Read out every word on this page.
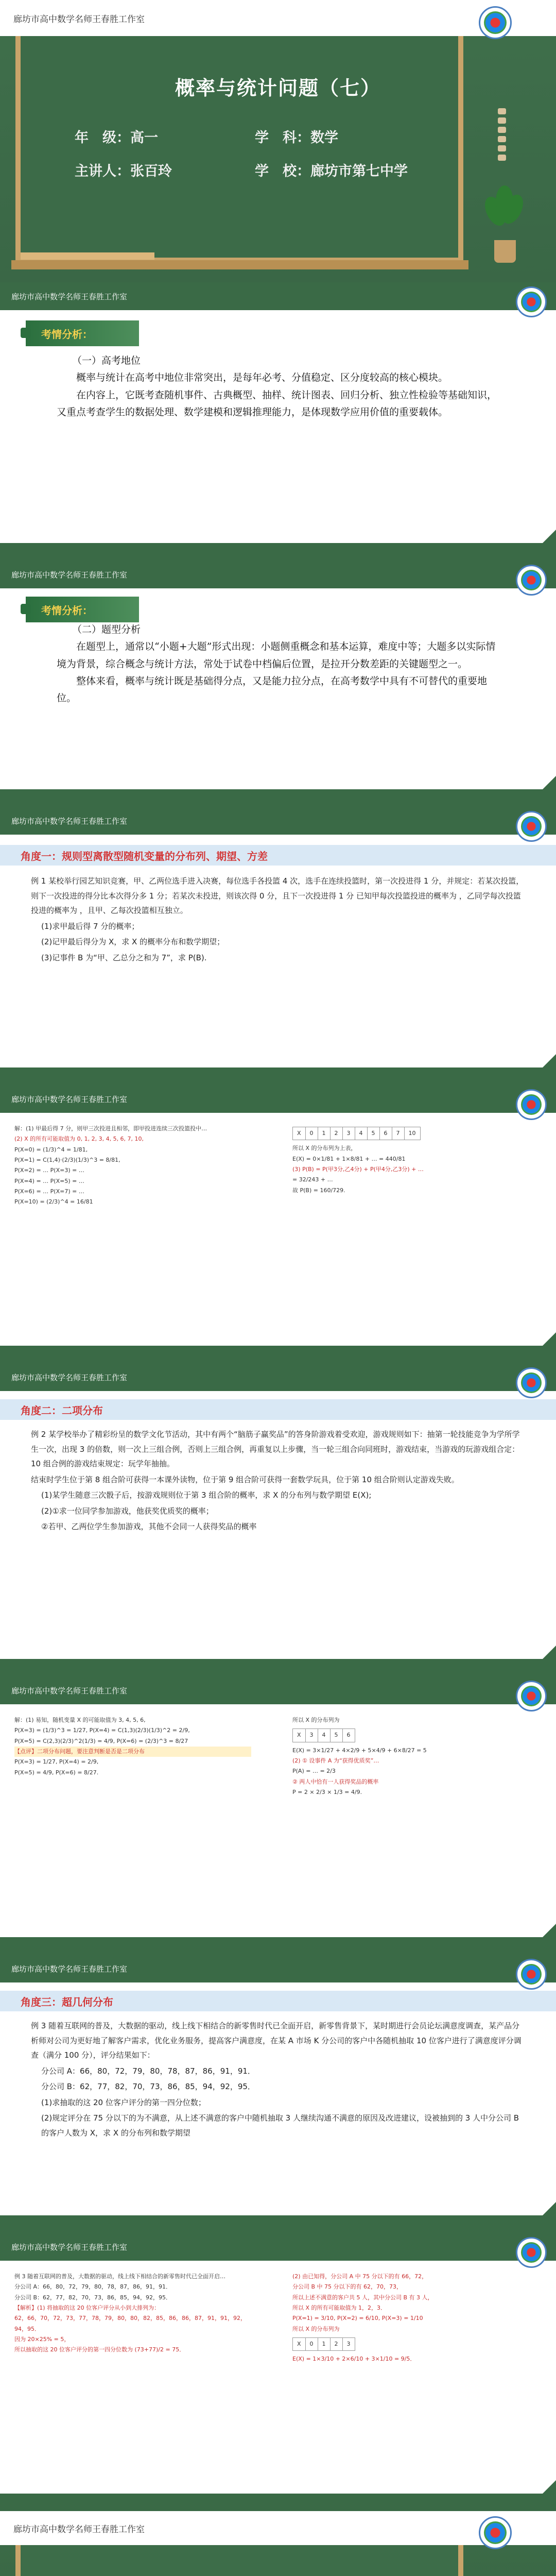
廊坊市高中数学名师王春胜工作室
概率与统计问题（七）
年　级：高一	学　科：数学
主讲人：张百玲	学　校：廊坊市第七中学
廊坊市高中数学名师王春胜工作室
考情分析：
（一）高考地位

概率与统计在高考中地位非常突出，是每年必考、分值稳定、区分度较高的核心模块。

在内容上，它既考查随机事件、古典概型、抽样、统计图表、回归分析、独立性检验等基础知识，又重点考查学生的数据处理、数学建模和逻辑推理能力，是体现数学应用价值的重要载体。

廊坊市高中数学名师王春胜工作室
考情分析：
（二）题型分析

在题型上，通常以“小题+大题”形式出现：小题侧重概念和基本运算，难度中等；大题多以实际情境为背景，综合概念与统计方法，常处于试卷中档偏后位置，是拉开分数差距的关键题型之一。

整体来看，概率与统计既是基础得分点，又是能力拉分点，在高考数学中具有不可替代的重要地位。

廊坊市高中数学名师王春胜工作室
角度一：规则型离散型随机变量的分布列、期望、方差

例 1 某校举行园艺知识竞赛，甲、乙两位选手进入决赛，每位选手各投篮 4 次，选手在连续投篮时，第一次投进得 1 分，并规定：若某次投篮，则下一次投进的得分比本次得分多 1 分；若某次未投进，则该次得 0 分，且下一次投进得 1 分 已知甲每次投篮投进的概率为 ，乙同学每次投篮投进的概率为 ，且甲、乙每次投篮相互独立。

(1)求甲最后得 7 分的概率；

(2)记甲最后得分为 X，求 X 的概率分布和数学期望；

(3)记事件 B 为“甲、乙总分之和为 7”，求 P(B).

廊坊市高中数学名师王春胜工作室

解：(1) 甲最后得 7 分，则甲三次投进且相邻，即甲投进连续三次投篮投中…

(2) X 的所有可能取值为 0, 1, 2, 3, 4, 5, 6, 7, 10,

P(X=0) = (1/3)^4 = 1/81,

P(X=1) = C(1,4)·(2/3)(1/3)^3 = 8/81,

P(X=2) = … P(X=3) = …

P(X=4) = … P(X=5) = …

P(X=6) = … P(X=7) = …

P(X=10) = (2/3)^4 = 16/81

X	0	1	2	3	4	5	6	7	10

所以 X 的分布列为上表，

E(X) = 0×1/81 + 1×8/81 + … = 440/81

(3) P(B) = P(甲3分,乙4分) + P(甲4分,乙3分) + …

= 32/243 + …

故 P(B) = 160/729.

廊坊市高中数学名师王春胜工作室
角度二：二项分布

例 2 某学校举办了精彩纷呈的数学文化节活动，其中有两个“脑筋子赢奖品”的答身阶游戏着受欢迎，游戏规则如下：抽第一轮技能竞争为学所学生一次，出现 3 的倍数，则一次上三组合例，否则上三组合例，再重复以上步骤，当一轮三组合向同班时，游戏结束，当游戏的玩游戏组合定：10 组合例的游戏结束规定：玩学年抽抽。

结束时学生位于第 8 组合阶可获得一本课外读物，位于第 9 组合阶可获得一套数学玩具，位于第 10 组合阶则认定游戏失败。

(1)某学生随意三次骰子后，按游戏规则位于第 3 组合阶的概率，求 X 的分布列与数学期望 E(X);

(2)①求一位同学参加游戏，他获奖优质奖的概率；

②若甲、乙两位学生参加游戏，其他不会同一人获得奖品的概率

廊坊市高中数学名师王春胜工作室

解：(1) 易知，随机变量 X 的可能取值为 3, 4, 5, 6,

P(X=3) = (1/3)^3 = 1/27, P(X=4) = C(1,3)(2/3)(1/3)^2 = 2/9,

P(X=5) = C(2,3)(2/3)^2(1/3) = 4/9, P(X=6) = (2/3)^3 = 8/27

【点评】二项分布问题，要注意判断是否是二项分布

P(X=3) = 1/27, P(X=4) = 2/9,

P(X=5) = 4/9, P(X=6) = 8/27.

所以 X 的分布列为

X	3	4	5	6

E(X) = 3×1/27 + 4×2/9 + 5×4/9 + 6×8/27 = 5

(2) ① 设事件 A 为“获得优质奖”…

P(A) = … = 2/3

② 两人中恰有一人获得奖品的概率

P = 2 × 2/3 × 1/3 = 4/9.

廊坊市高中数学名师王春胜工作室
角度三：超几何分布

例 3 随着互联网的普及，大数据的驱动，线上线下相结合的新零售时代已全面开启，新零售背景下，某时期进行会员论坛满意度调查，某产品分析师对公司为更好地了解客户需求，优化业务服务，提高客户满意度，在某 A 市场 K 分公司的客户中各随机抽取 10 位客户进行了满意度评分调查（满分 100 分），评分结果如下：

分公司 A：66，80，72，79，80，78，87，86，91，91．

分公司 B：62，77，82，70，73，86，85，94，92，95．

(1)求抽取的这 20 位客户评分的第一四分位数；

(2)规定评分在 75 分以下的为不满意，从上述不满意的客户中随机抽取 3 人继续沟通不满意的原因及改进建议，设被抽到的 3 人中分公司 B 的客户人数为 X，求 X 的分布列和数学期望

廊坊市高中数学名师王春胜工作室

例 3 随着互联网的普及，大数据的驱动，线上线下相结合的新零售时代已全面开启…

分公司 A：66，80，72，79，80，78，87，86，91，91．

分公司 B：62，77，82，70，73，86，85，94，92，95．

【解析】(1) 将抽取的这 20 位客户评分从小到大排列为：

62，66，70，72，73，77，78，79，80，80，82，85，86，86，87，91，91，92，94，95．

因为 20×25% = 5，

所以抽取的这 20 位客户评分的第一四分位数为 (73+77)/2 = 75．

(2) 由已知得，分公司 A 中 75 分以下的有 66，72，

分公司 B 中 75 分以下的有 62，70，73，

所以上述不满意的客户共 5 人，其中分公司 B 有 3 人，

所以 X 的所有可能取值为 1，2，3．

P(X=1) = 3/10, P(X=2) = 6/10, P(X=3) = 1/10

所以 X 的分布列为

X	0	1	2	3

E(X) = 1×3/10 + 2×6/10 + 3×1/10 = 9/5．

廊坊市高中数学名师王春胜工作室
